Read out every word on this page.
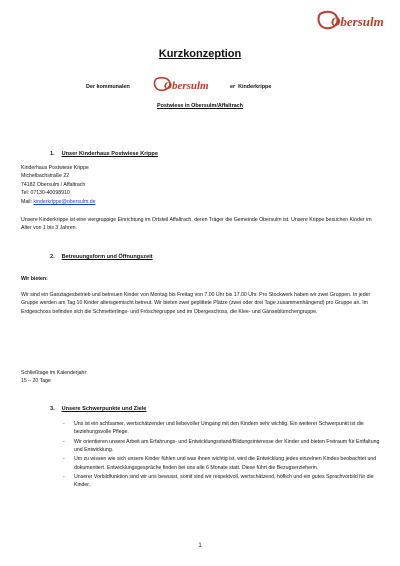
Obersulm
Kurzkonzeption
Der kommunalen	Obersulm	er  Kinderkrippe
Postwiese in Obersulm/Affaltrach
1. Unser Kinderhaus Postwiese Krippe
Kinderhaus Postwiese Krippe
Michelbachstraße 22
74182 Obersulm / Affaltrach
Tel: 07130-40098910
Mail: kinderkrippe@obersulm.de
Unsere Kinderkrippe ist eine viergruppige Einrichtung im Ortsteil Affaltrach, deren Träger die Gemeinde Obersulm ist. Unsere Krippe besuchen Kinder im Alter von 1 bis 3 Jahren.
2. Betreuungsform und Öffnungszeit
Wir bieten:
Wir sind ein Ganztagesbetrieb und betreuen Kinder von Montag bis Freitag von 7.00 Uhr bis 17.00 Uhr. Pro Stockwerk haben wir zwei Gruppen. In jeder Gruppe werden am Tag 10 Kinder altersgemischt betreut. Wir bieten zwei geplittete Plätze (zwei oder drei Tage zusammenhängend) pro Gruppe an. Im Erdgeschoss befinden sich die Schmetterlings- und Fröschegruppe und im Obergeschoss, die Klee- und Gänseblümchengruppe.
Schließtage im Kalenderjahr:
15 – 20 Tage
3. Unsere Schwerpunkte und Ziele
- Uns ist ein achtsamer, wertschätzender und liebevoller Umgang mit den Kindern sehr wichtig. Ein weiterer Schwerpunkt ist die beziehungsvolle Pflege.
- Wir orientieren unsere Arbeit am Erfahrungs- und Entwicklungsstand/Bildungsinteresse der Kinder und bieten Freiraum für Entfaltung und Entwicklung.
- Um zu wissen wie sich unsere Kinder fühlen und was ihnen wichtig ist, wird die Entwicklung jedes einzelnen Kindes beobachtet und dokumentiert. Entwicklungsgespräche finden bei uns alle 6 Monate statt. Diese führt die Bezugserzieherin.
- Unserer Vorbildfunktion sind wir uns bewusst, somit sind wir respektvoll, wertschätzend, höflich und ein gutes Sprachvorbild für die Kinder.
1
